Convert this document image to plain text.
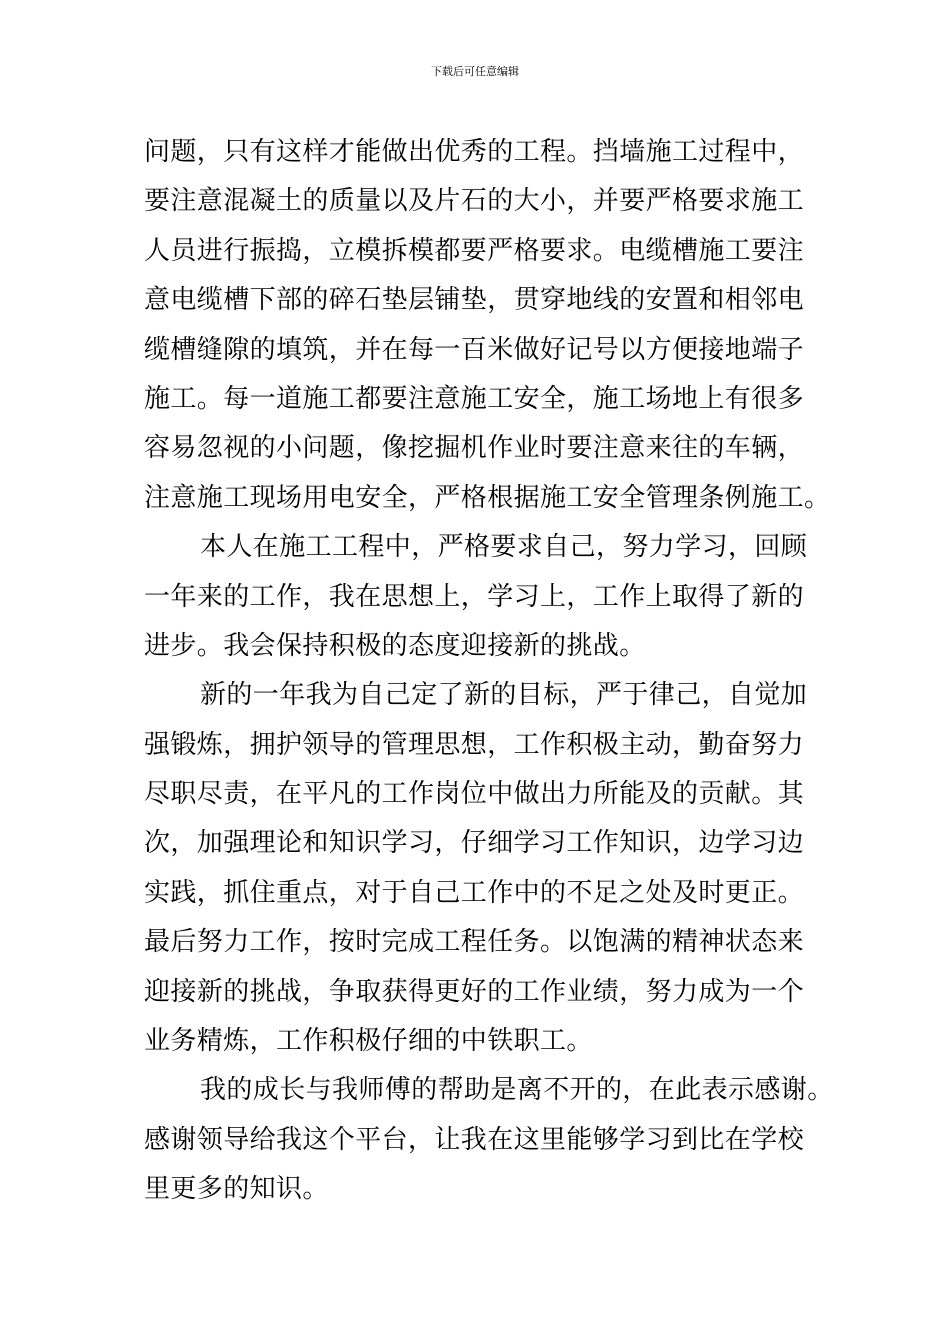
下载后可任意编辑
问题，只有这样才能做出优秀的工程。挡墙施工过程中，
要注意混凝土的质量以及片石的大小，并要严格要求施工
人员进行振捣，立模拆模都要严格要求。电缆槽施工要注
意电缆槽下部的碎石垫层铺垫，贯穿地线的安置和相邻电
缆槽缝隙的填筑，并在每一百米做好记号以方便接地端子
施工。每一道施工都要注意施工安全，施工场地上有很多
容易忽视的小问题，像挖掘机作业时要注意来往的车辆，
注意施工现场用电安全，严格根据施工安全管理条例施工。
本人在施工工程中，严格要求自己，努力学习，回顾
一年来的工作，我在思想上，学习上，工作上取得了新的
进步。我会保持积极的态度迎接新的挑战。
新的一年我为自己定了新的目标，严于律己，自觉加
强锻炼，拥护领导的管理思想，工作积极主动，勤奋努力
尽职尽责，在平凡的工作岗位中做出力所能及的贡献。其
次，加强理论和知识学习，仔细学习工作知识，边学习边
实践，抓住重点，对于自己工作中的不足之处及时更正。
最后努力工作，按时完成工程任务。以饱满的精神状态来
迎接新的挑战，争取获得更好的工作业绩，努力成为一个
业务精炼，工作积极仔细的中铁职工。
我的成长与我师傅的帮助是离不开的，在此表示感谢。
感谢领导给我这个平台，让我在这里能够学习到比在学校
里更多的知识。
